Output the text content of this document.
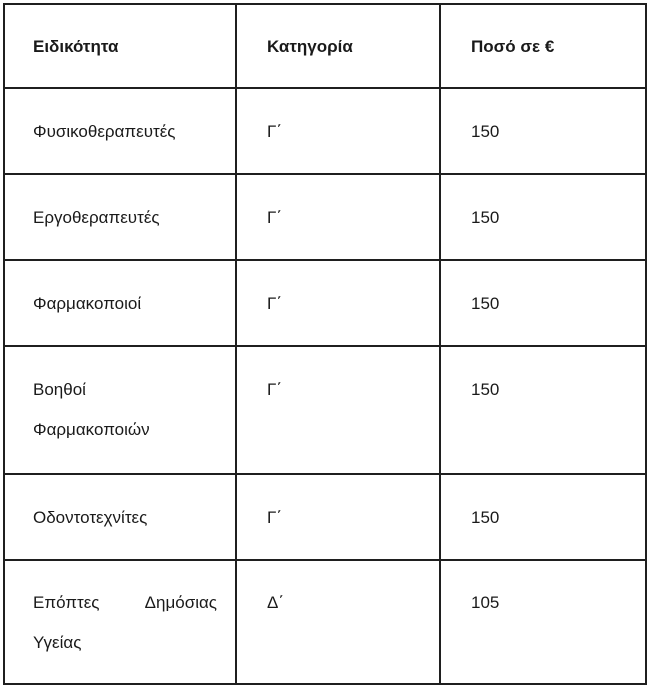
Ειδικότητα	Κατηγορία	Ποσό σε €
Φυσικοθεραπευτές	Γ΄	150
Εργοθεραπευτές	Γ΄	150
Φαρμακοποιοί	Γ΄	150
Βοηθοί Φαρμακοποιών	Γ΄	150
Οδοντοτεχνίτες	Γ΄	150
Επόπτες Δημόσιας Υγείας	Δ΄	105
